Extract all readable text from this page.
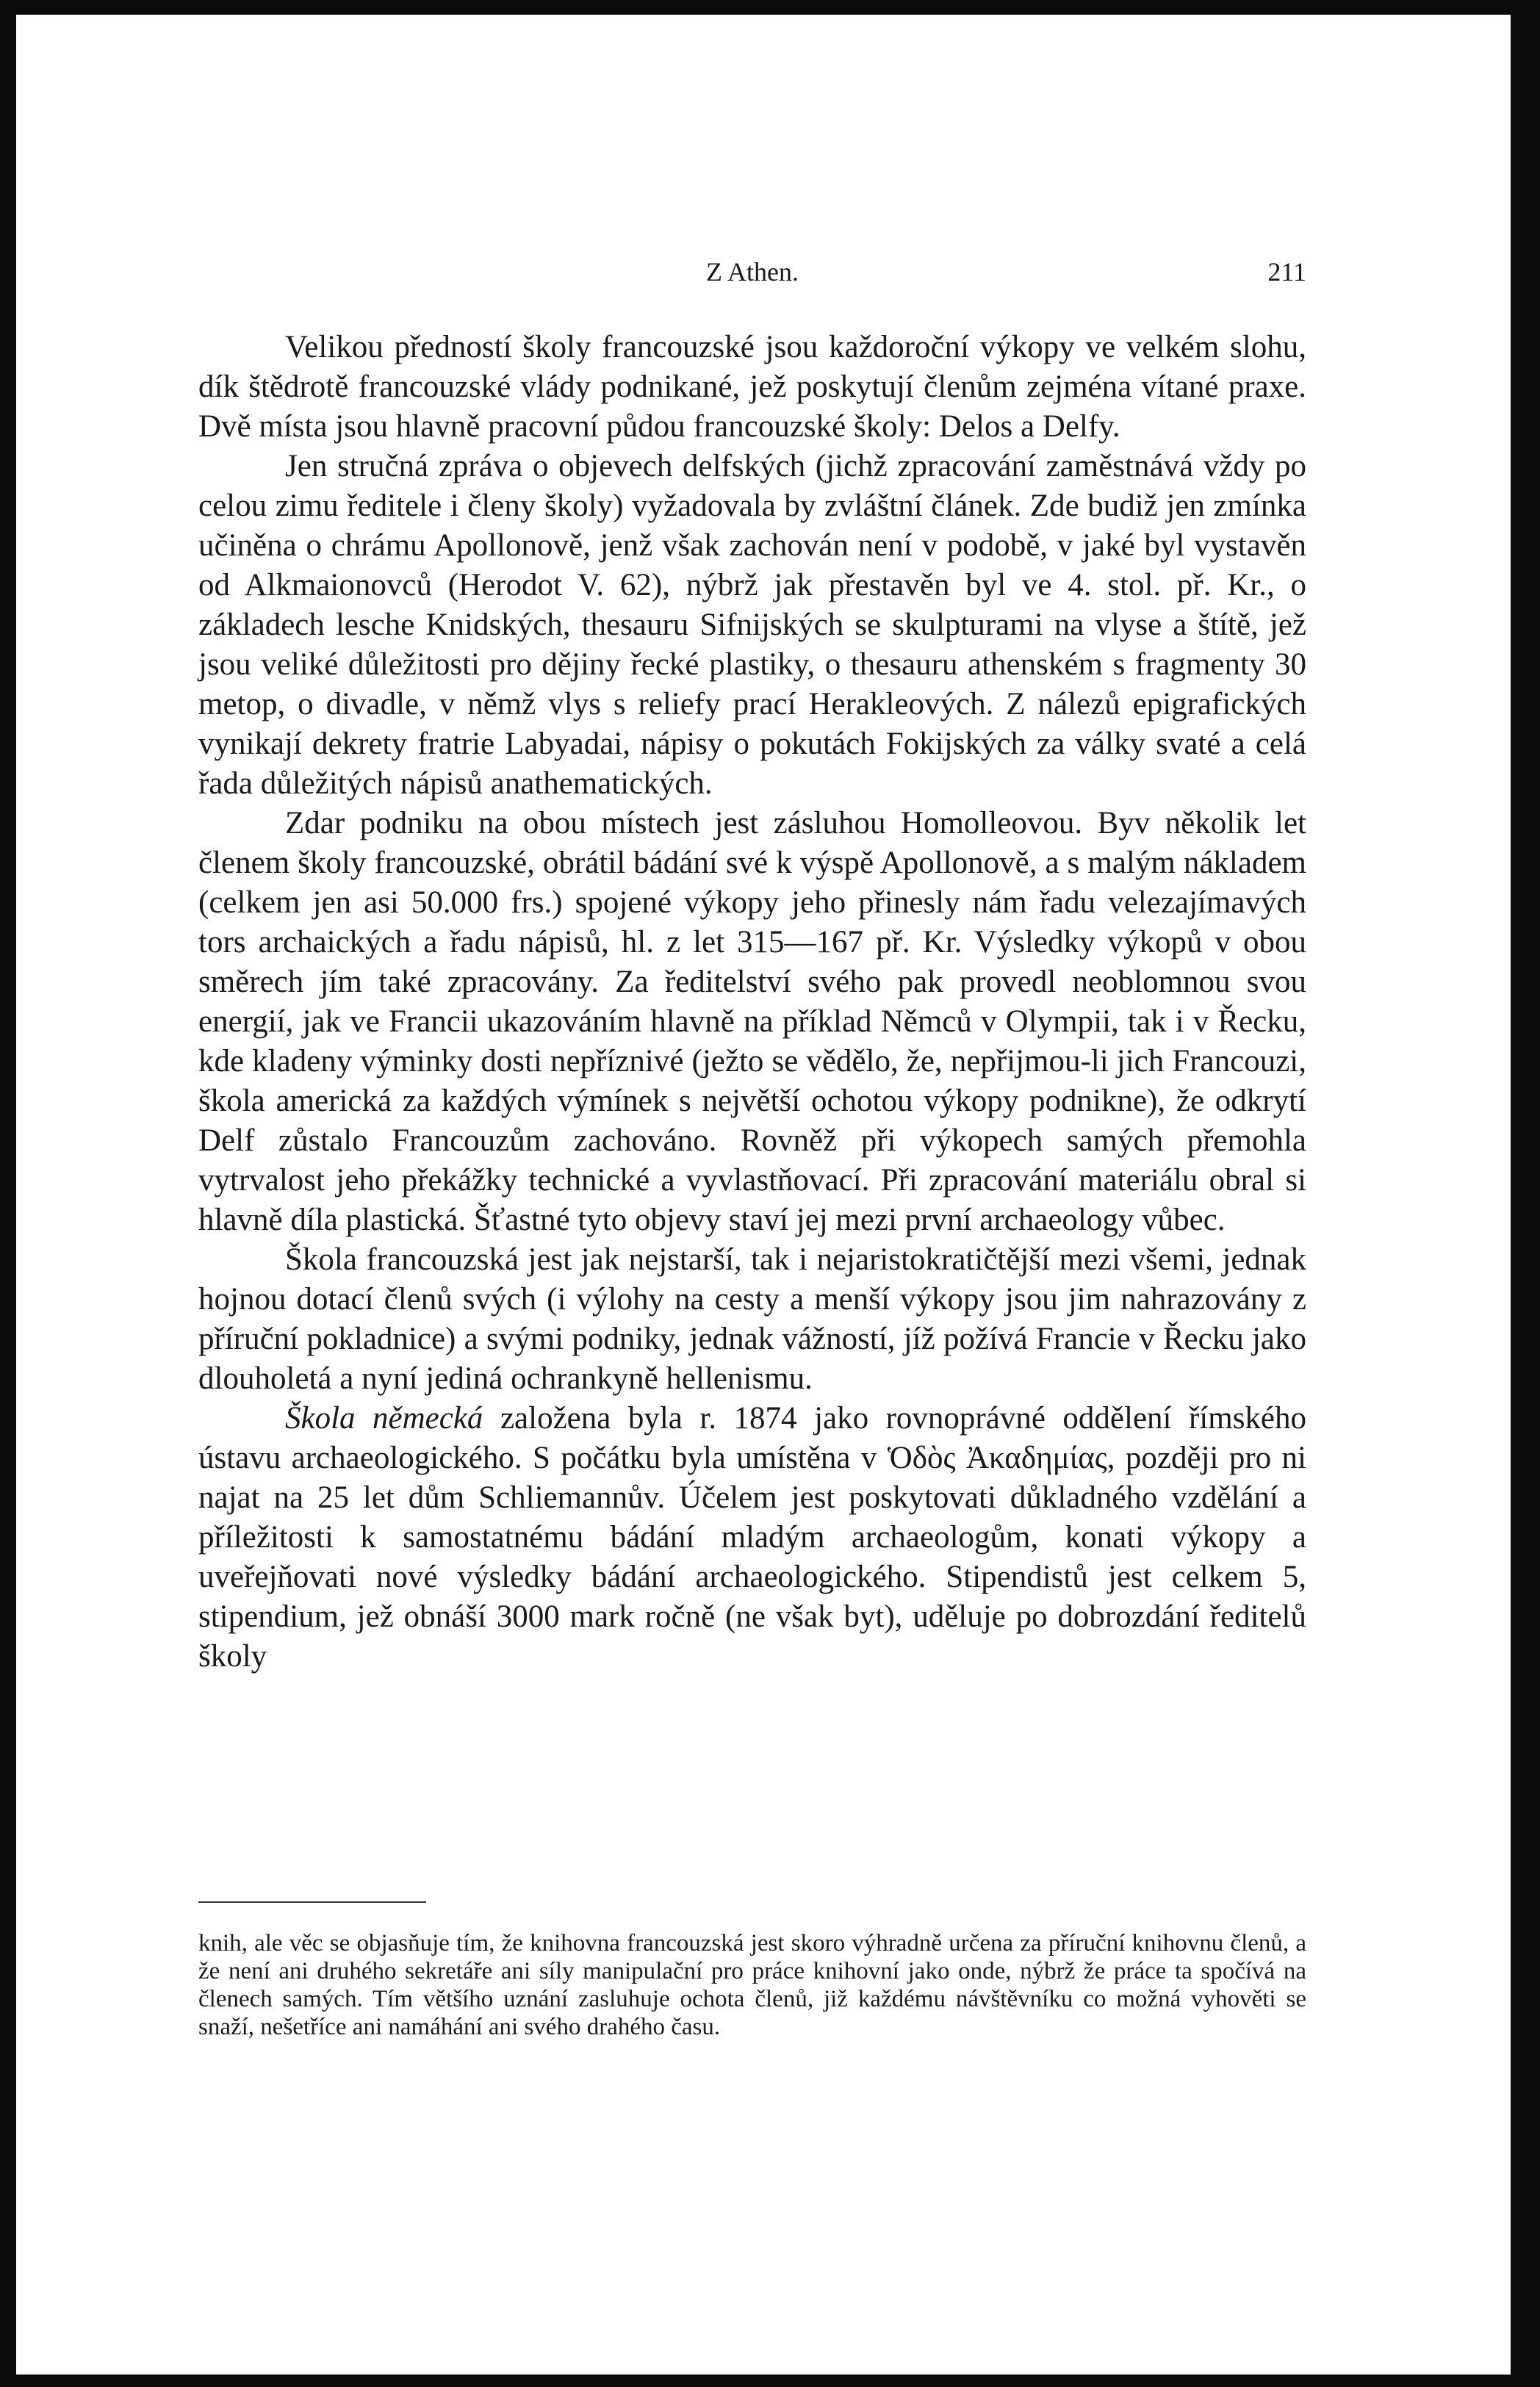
Z Athen.	211

Velikou předností školy francouzské jsou každoroční výkopy ve velkém slohu, dík štědrotě francouzské vlády podnikané, jež poskytují členům zejména vítané praxe. Dvě místa jsou hlavně pracovní půdou francouzské školy: Delos a Delfy.

Jen stručná zpráva o objevech delfských (jichž zpracování zaměstnává vždy po celou zimu ředitele i členy školy) vyžadovala by zvláštní článek. Zde budiž jen zmínka učiněna o chrámu Apollonově, jenž však zachován není v podobě, v jaké byl vystavěn od Alkmaionovců (Herodot V. 62), nýbrž jak přestavěn byl ve 4. stol. př. Kr., o základech lesche Knidských, thesauru Sifnijských se skulpturami na vlyse a štítě, jež jsou veliké důležitosti pro dějiny řecké plastiky, o thesauru athenském s fragmenty 30 metop, o divadle, v němž vlys s reliefy prací Herakleových. Z nálezů epigrafických vynikají dekrety fratrie Labyadai, nápisy o pokutách Fokijských za války svaté a celá řada důležitých nápisů anathematických.

Zdar podniku na obou místech jest zásluhou Homolleovou. Byv několik let členem školy francouzské, obrátil bádání své k výspě Apollonově, a s malým nákladem (celkem jen asi 50.000 frs.) spojené výkopy jeho přinesly nám řadu velezajímavých tors archaických a řadu nápisů, hl. z let 315—167 př. Kr. Výsledky výkopů v obou směrech jím také zpracovány. Za ředitelství svého pak provedl neoblomnou svou energií, jak ve Francii ukazováním hlavně na příklad Němců v Olympii, tak i v Řecku, kde kladeny výminky dosti nepříznivé (ježto se vědělo, že, nepřijmou-li jich Francouzi, škola americká za každých výmínek s největší ochotou výkopy podnikne), že odkrytí Delf zůstalo Francouzům zachováno. Rovněž při výkopech samých přemohla vytrvalost jeho překážky technické a vyvlastňovací. Při zpracování materiálu obral si hlavně díla plastická. Šťastné tyto objevy staví jej mezi první archaeology vůbec.

Škola francouzská jest jak nejstarší, tak i nejaristokratičtější mezi všemi, jednak hojnou dotací členů svých (i výlohy na cesty a menší výkopy jsou jim nahrazovány z příruční pokladnice) a svými podniky, jednak vážností, jíž požívá Francie v Řecku jako dlouholetá a nyní jediná ochrankyně hellenismu.

Škola německá založena byla r. 1874 jako rovnoprávné oddělení římského ústavu archaeologického. S počátku byla umístěna v Ὁδὸς Ἀκαδημίας, později pro ni najat na 25 let dům Schliemannův. Účelem jest poskytovati důkladného vzdělání a příležitosti k samostatnému bádání mladým archaeologům, konati výkopy a uveřejňovati nové výsledky bádání archaeologického. Stipendistů jest celkem 5, stipendium, jež obnáší 3000 mark ročně (ne však byt), uděluje po dobrozdání ředitelů školy

knih, ale věc se objasňuje tím, že knihovna francouzská jest skoro výhradně určena za příruční knihovnu členů, a že není ani druhého sekretáře ani síly manipulační pro práce knihovní jako onde, nýbrž že práce ta spočívá na členech samých. Tím většího uznání zasluhuje ochota členů, již každému návštěvníku co možná vyhověti se snaží, nešetříce ani namáhání ani svého drahého času.
